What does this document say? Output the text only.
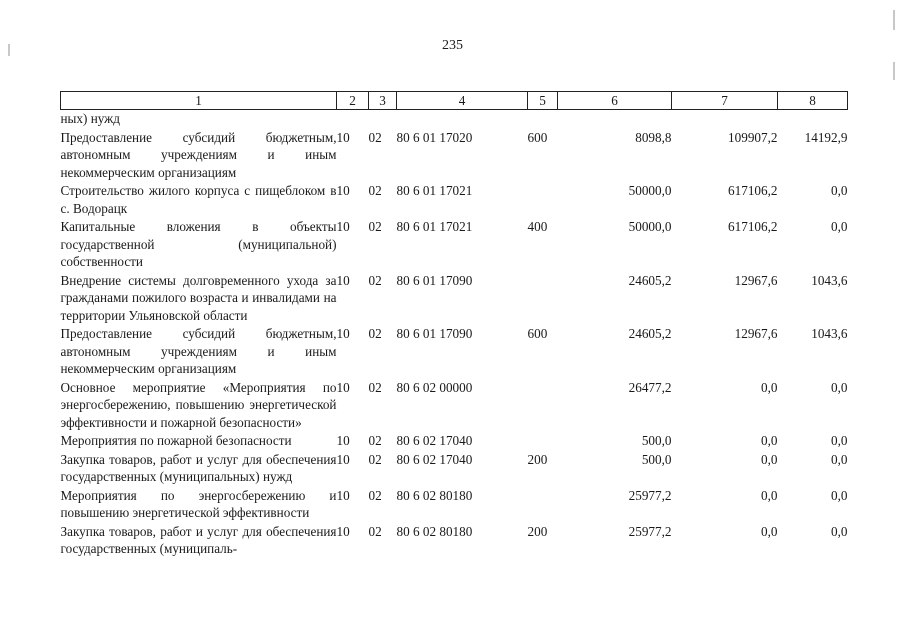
235
1	2	3	4	5	6	7	8
ных) нужд							
Предоставление субсидий бюджетным, автономным учреждениям и иным некоммерческим организациям	10	02	80 6 01 17020	600	8098,8	109907,2	14192,9
Строительство жилого корпуса с пищеблоком в с. Водорацк	10	02	80 6 01 17021		50000,0	617106,2	0,0
Капитальные вложения в объекты государственной (муниципальной) собственности	10	02	80 6 01 17021	400	50000,0	617106,2	0,0
Внедрение системы долговременного ухода за гражданами пожилого возраста и инвалидами на территории Ульяновской области	10	02	80 6 01 17090		24605,2	12967,6	1043,6
Предоставление субсидий бюджетным, автономным учреждениям и иным некоммерческим организациям	10	02	80 6 01 17090	600	24605,2	12967,6	1043,6
Основное мероприятие «Мероприятия по энергосбережению, повышению энергетической эффективности и пожарной безопасности»	10	02	80 6 02 00000		26477,2	0,0	0,0
Мероприятия по пожарной безопасности	10	02	80 6 02 17040		500,0	0,0	0,0
Закупка товаров, работ и услуг для обеспечения государственных (муниципальных) нужд	10	02	80 6 02 17040	200	500,0	0,0	0,0
Мероприятия по энергосбережению и повышению энергетической эффективности	10	02	80 6 02 80180		25977,2	0,0	0,0
Закупка товаров, работ и услуг для обеспечения государственных (муниципаль-	10	02	80 6 02 80180	200	25977,2	0,0	0,0
